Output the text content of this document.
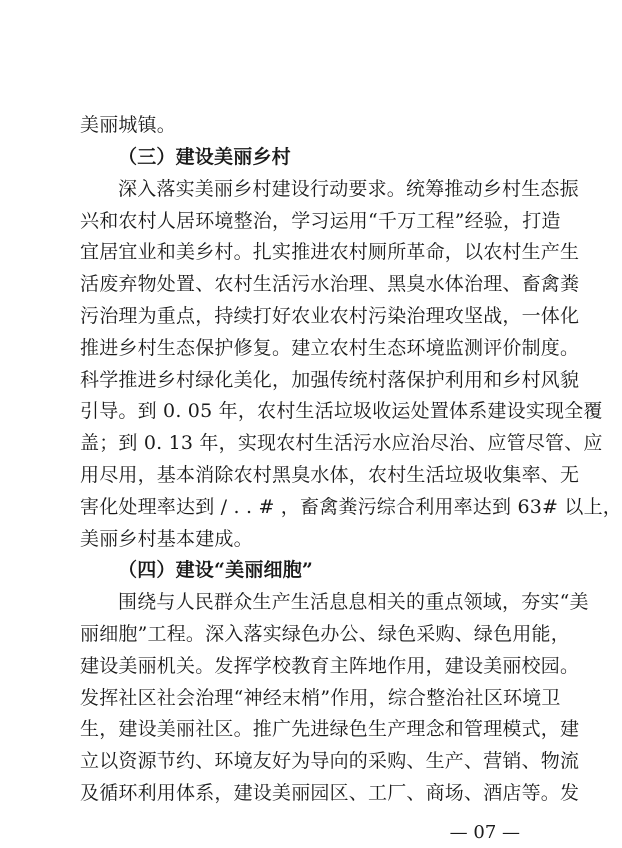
美丽城镇。
（三）建设美丽乡村
深入落实美丽乡村建设行动要求。统筹推动乡村生态振
兴和农村人居环境整治，学习运用“千万工程”经验，打造
宜居宜业和美乡村。扎实推进农村厕所革命，以农村生产生
活废弃物处置、农村生活污水治理、黑臭水体治理、畜禽粪
污治理为重点，持续打好农业农村污染治理攻坚战，一体化
推进乡村生态保护修复。建立农村生态环境监测评价制度。
科学推进乡村绿化美化，加强传统村落保护利用和乡村风貌
引导。到 0. 05 年，农村生活垃圾收运处置体系建设实现全覆
盖；到 0. 13 年，实现农村生活污水应治尽治、应管尽管、应
用尽用，基本消除农村黑臭水体，农村生活垃圾收集率、无
害化处理率达到 / . . # ，畜禽粪污综合利用率达到 63# 以上，
美丽乡村基本建成。
（四）建设“美丽细胞”
围绕与人民群众生产生活息息相关的重点领域，夯实“美
丽细胞”工程。深入落实绿色办公、绿色采购、绿色用能，
建设美丽机关。发挥学校教育主阵地作用，建设美丽校园。
发挥社区社会治理“神经末梢”作用，综合整治社区环境卫
生，建设美丽社区。推广先进绿色生产理念和管理模式，建
立以资源节约、环境友好为导向的采购、生产、营销、物流
及循环利用体系，建设美丽园区、工厂、商场、酒店等。发
— 07 —
